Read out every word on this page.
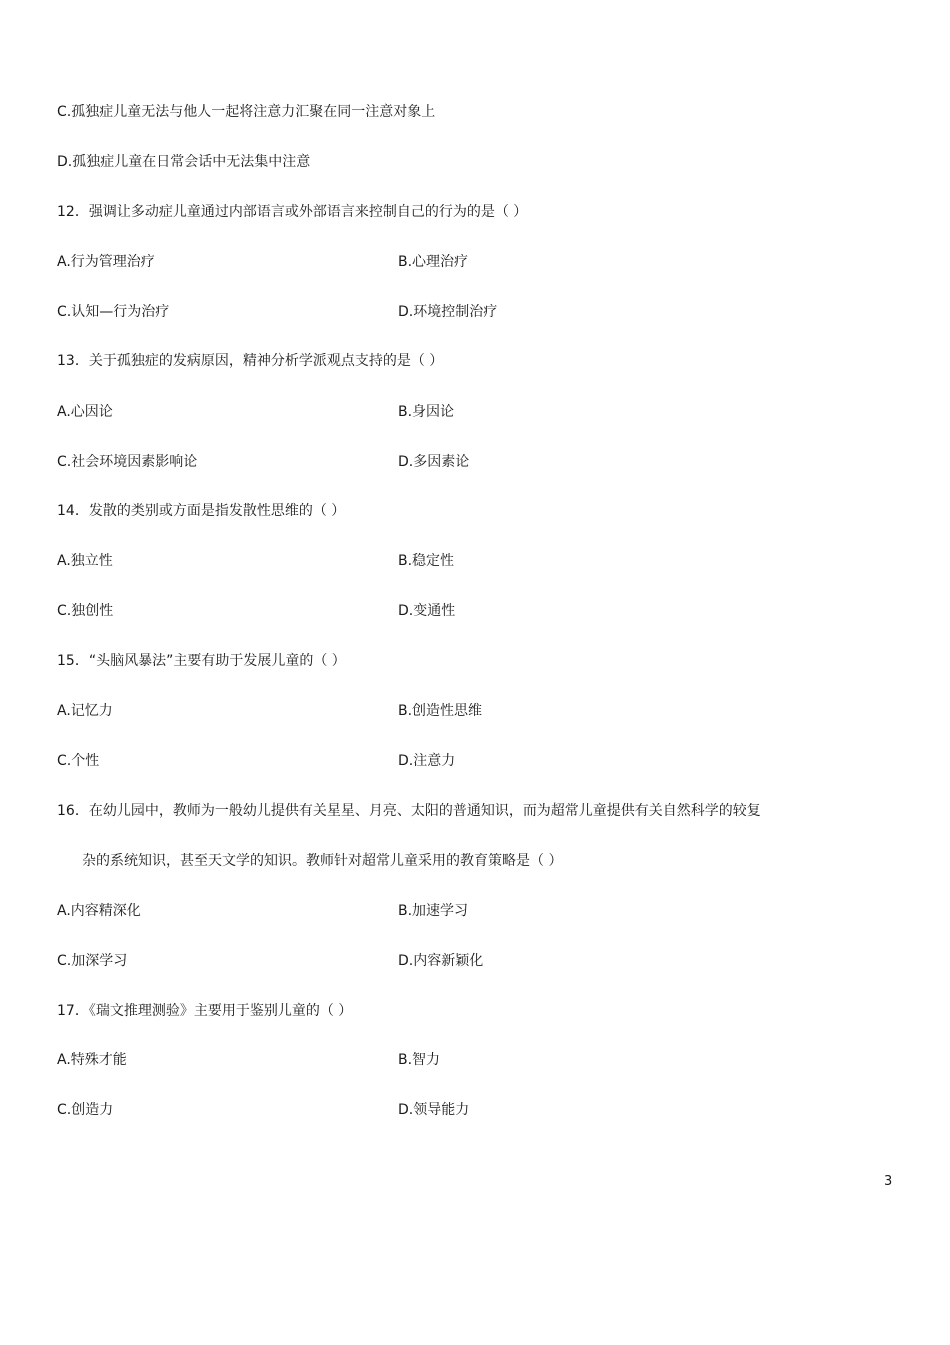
C.孤独症儿童无法与他人一起将注意力汇聚在同一注意对象上
D.孤独症儿童在日常会话中无法集中注意
12．强调让多动症儿童通过内部语言或外部语言来控制自己的行为的是（ ）
A.行为管理治疗	B.心理治疗
C.认知—行为治疗	D.环境控制治疗
13．关于孤独症的发病原因，精神分析学派观点支持的是（ ）
A.心因论	B.身因论
C.社会环境因素影响论	D.多因素论
14．发散的类别或方面是指发散性思维的（ ）
A.独立性	B.稳定性
C.独创性	D.变通性
15．“头脑风暴法”主要有助于发展儿童的（ ）
A.记忆力	B.创造性思维
C.个性	D.注意力
16．在幼儿园中，教师为一般幼儿提供有关星星、月亮、太阳的普通知识，而为超常儿童提供有关自然科学的较复
杂的系统知识，甚至天文学的知识。教师针对超常儿童采用的教育策略是（ ）
A.内容精深化	B.加速学习
C.加深学习	D.内容新颖化
17．《瑞文推理测验》主要用于鉴别儿童的（ ）
A.特殊才能	B.智力
C.创造力	D.领导能力
3
